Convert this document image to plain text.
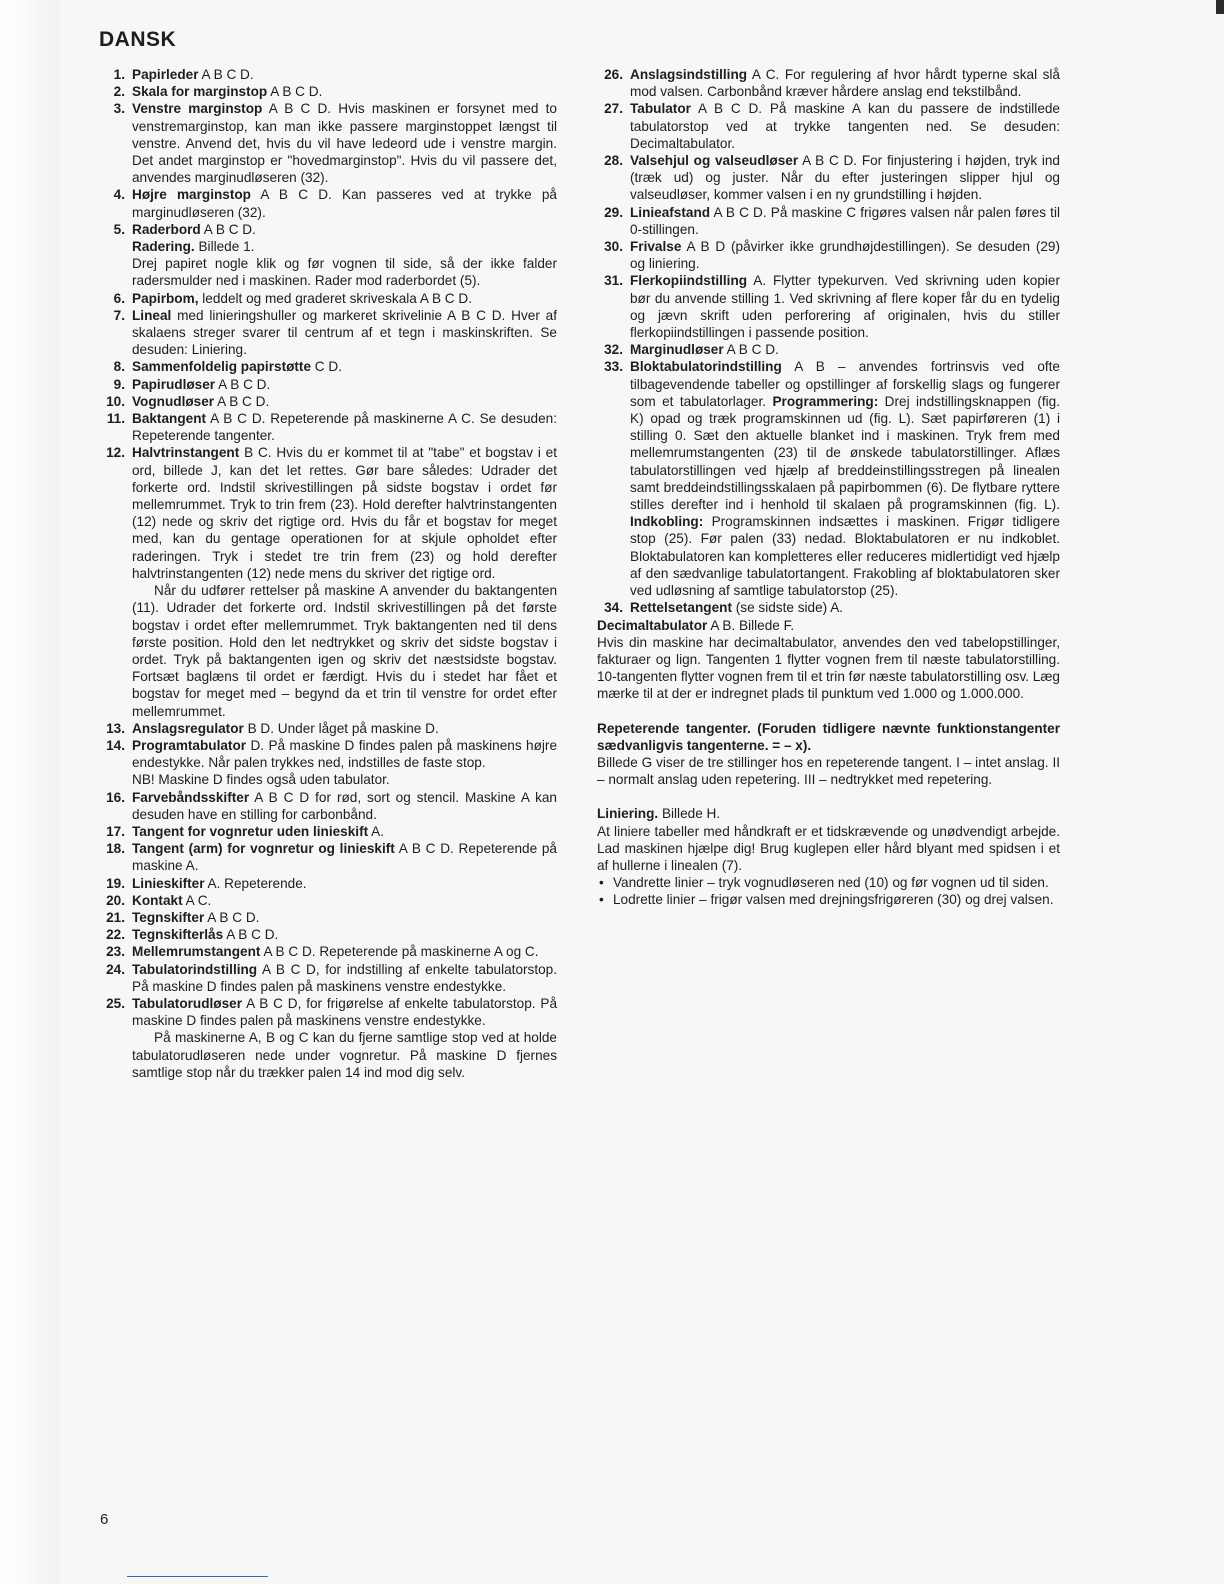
DANSK
1. Papirleder A B C D.
2. Skala for marginstop A B C D.
3. Venstre marginstop A B C D. Hvis maskinen er forsynet med to venstremarginstop, kan man ikke passere marginstoppet længst til venstre. Anvend det, hvis du vil have ledeord ude i venstre margin. Det andet marginstop er "hovedmarginstop". Hvis du vil passere det, anvendes marginudløseren (32).
4. Højre marginstop A B C D. Kan passeres ved at trykke på marginudløseren (32).
5. Raderbord A B C D.

Radering. Billede 1.

Drej papiret nogle klik og før vognen til side, så der ikke falder radersmulder ned i maskinen. Rader mod raderbordet (5).

6. Papirbom, leddelt og med graderet skriveskala A B C D.
7. Lineal med linieringshuller og markeret skrivelinie A B C D. Hver af skalaens streger svarer til centrum af et tegn i maskinskriften. Se desuden: Liniering.
8. Sammenfoldelig papirstøtte C D.
9. Papirudløser A B C D.
10. Vognudløser A B C D.
11. Baktangent A B C D. Repeterende på maskinerne A C. Se desuden: Repeterende tangenter.
12. Halvtrinstangent B C. Hvis du er kommet til at "tabe" et bogstav i et ord, billede J, kan det let rettes. Gør bare således: Udrader det forkerte ord. Indstil skrivestillingen på sidste bogstav i ordet før mellemrummet. Tryk to trin frem (23). Hold derefter halvtrinstangenten (12) nede og skriv det rigtige ord. Hvis du får et bogstav for meget med, kan du gentage operationen for at skjule opholdet efter raderingen. Tryk i stedet tre trin frem (23) og hold derefter halvtrinstangenten (12) nede mens du skriver det rigtige ord.

Når du udfører rettelser på maskine A anvender du baktangenten (11). Udrader det forkerte ord. Indstil skrivestillingen på det første bogstav i ordet efter mellemrummet. Tryk baktangenten ned til dens første position. Hold den let nedtrykket og skriv det sidste bogstav i ordet. Tryk på baktangenten igen og skriv det næstsidste bogstav. Fortsæt baglæns til ordet er færdigt. Hvis du i stedet har fået et bogstav for meget med – begynd da et trin til venstre for ordet efter mellemrummet.

13. Anslagsregulator B D. Under låget på maskine D.
14. Programtabulator D. På maskine D findes palen på maskinens højre endestykke. Når palen trykkes ned, indstilles de faste stop.

NB! Maskine D findes også uden tabulator.

16. Farvebåndsskifter A B C D for rød, sort og stencil. Maskine A kan desuden have en stilling for carbonbånd.
17. Tangent for vognretur uden linieskift A.
18. Tangent (arm) for vognretur og linieskift A B C D. Repeterende på maskine A.
19. Linieskifter A. Repeterende.
20. Kontakt A C.
21. Tegnskifter A B C D.
22. Tegnskifterlås A B C D.
23. Mellemrumstangent A B C D. Repeterende på maskinerne A og C.
24. Tabulatorindstilling A B C D, for indstilling af enkelte tabulatorstop. På maskine D findes palen på maskinens venstre endestykke.
25. Tabulatorudløser A B C D, for frigørelse af enkelte tabulatorstop. På maskine D findes palen på maskinens venstre endestykke.

På maskinerne A, B og C kan du fjerne samtlige stop ved at holde tabulatorudløseren nede under vognretur. På maskine D fjernes samtlige stop når du trækker palen 14 ind mod dig selv.

26. Anslagsindstilling A C. For regulering af hvor hårdt typerne skal slå mod valsen. Carbonbånd kræver hårdere anslag end tekstilbånd.
27. Tabulator A B C D. På maskine A kan du passere de indstillede tabulatorstop ved at trykke tangenten ned. Se desuden: Decimaltabulator.
28. Valsehjul og valseudløser A B C D. For finjustering i højden, tryk ind (træk ud) og juster. Når du efter justeringen slipper hjul og valseudløser, kommer valsen i en ny grundstilling i højden.
29. Linieafstand A B C D. På maskine C frigøres valsen når palen føres til 0-stillingen.
30. Frivalse A B D (påvirker ikke grundhøjdestillingen). Se desuden (29) og liniering.
31. Flerkopiindstilling A. Flytter typekurven. Ved skrivning uden kopier bør du anvende stilling 1. Ved skrivning af flere koper får du en tydelig og jævn skrift uden perforering af originalen, hvis du stiller flerkopiindstillingen i passende position.
32. Marginudløser A B C D.
33. Bloktabulatorindstilling A B – anvendes fortrinsvis ved ofte tilbagevendende tabeller og opstillinger af forskellig slags og fungerer som et tabulatorlager. Programmering: Drej indstillingsknappen (fig. K) opad og træk programskinnen ud (fig. L). Sæt papirføreren (1) i stilling 0. Sæt den aktuelle blanket ind i maskinen. Tryk frem med mellemrumstangenten (23) til de ønskede tabulatorstillinger. Aflæs tabulatorstillingen ved hjælp af breddeinstillingsstregen på linealen samt breddeindstillingsskalaen på papirbommen (6). De flytbare ryttere stilles derefter ind i henhold til skalaen på programskinnen (fig. L). Indkobling: Programskinnen indsættes i maskinen. Frigør tidligere stop (25). Før palen (33) nedad. Bloktabulatoren er nu indkoblet. Bloktabulatoren kan kompletteres eller reduceres midlertidigt ved hjælp af den sædvanlige tabulatortangent. Frakobling af bloktabulatoren sker ved udløsning af samtlige tabulatorstop (25).
34. Rettelsetangent (se sidste side) A.

Decimaltabulator A B. Billede F.

Hvis din maskine har decimaltabulator, anvendes den ved tabelopstillinger, fakturaer og lign. Tangenten 1 flytter vognen frem til næste tabulatorstilling. 10-tangenten flytter vognen frem til et trin før næste tabulatorstilling osv. Læg mærke til at der er indregnet plads til punktum ved 1.000 og 1.000.000.

Repeterende tangenter. (Foruden tidligere nævnte funktionstangenter sædvanligvis tangenterne. = – x).

Billede G viser de tre stillinger hos en repeterende tangent. I – intet anslag. II – normalt anslag uden repetering. III – nedtrykket med repetering.

Liniering. Billede H.

At liniere tabeller med håndkraft er et tidskrævende og unødvendigt arbejde. Lad maskinen hjælpe dig! Brug kuglepen eller hård blyant med spidsen i et af hullerne i linealen (7).

• Vandrette linier – tryk vognudløseren ned (10) og før vognen ud til siden.
• Lodrette linier – frigør valsen med drejningsfrigøreren (30) og drej valsen.
6
